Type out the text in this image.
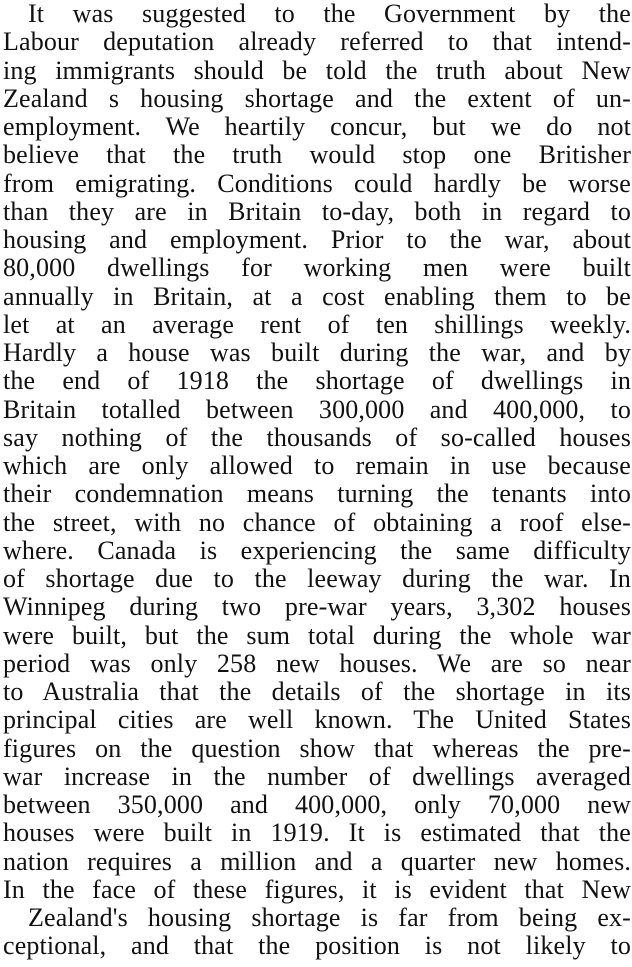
It was suggested to the Government by the
Labour deputation already referred to that intend-
ing immigrants should be told the truth about New
Zealand s housing shortage and the extent of un-
employment. We heartily concur, but we do not
believe that the truth would stop one Britisher
from emigrating. Conditions could hardly be worse
than they are in Britain to-day, both in regard to
housing and employment. Prior to the war, about
80,000 dwellings for working men were built
annually in Britain, at a cost enabling them to be
let at an average rent of ten shillings weekly.
Hardly a house was built during the war, and by
the end of 1918 the shortage of dwellings in
Britain totalled between 300,000 and 400,000, to
say nothing of the thousands of so-called houses
which are only allowed to remain in use because
their condemnation means turning the tenants into
the street, with no chance of obtaining a roof else-
where. Canada is experiencing the same difficulty
of shortage due to the leeway during the war. In
Winnipeg during two pre-war years, 3,302 houses
were built, but the sum total during the whole war
period was only 258 new houses. We are so near
to Australia that the details of the shortage in its
principal cities are well known. The United States
figures on the question show that whereas the pre-
war increase in the number of dwellings averaged
between 350,000 and 400,000, only 70,000 new
houses were built in 1919. It is estimated that the
nation requires a million and a quarter new homes.
In the face of these figures, it is evident that New
Zealand's housing shortage is far from being ex-
ceptional, and that the position is not likely to
